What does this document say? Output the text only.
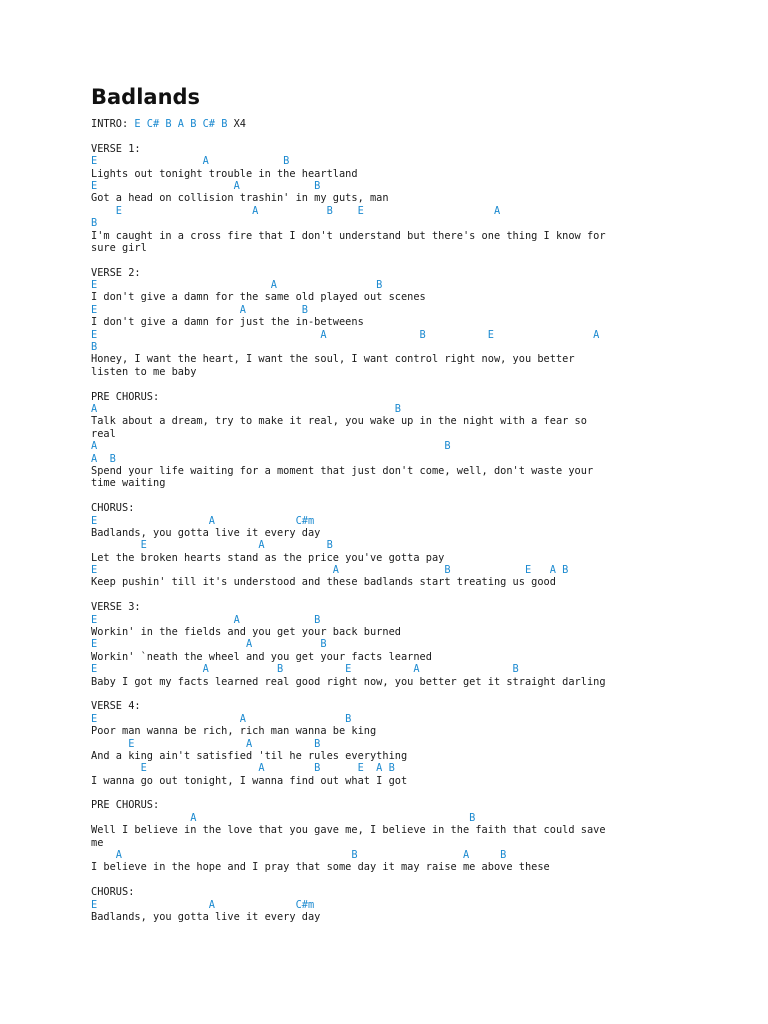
Badlands
INTRO: E C# B A B C# B X4
VERSE 1:
E                 A            B
Lights out tonight trouble in the heartland
E                      A            B
Got a head on collision trashin' in my guts, man
E                     A           B    E                     A
B
I'm caught in a cross fire that I don't understand but there's one thing I know for
sure girl
VERSE 2:
E                            A                B
I don't give a damn for the same old played out scenes
E                       A         B
I don't give a damn for just the in-betweens
E                                    A               B          E                A
B
Honey, I want the heart, I want the soul, I want control right now, you better
listen to me baby
PRE CHORUS:
A                                                B
Talk about a dream, try to make it real, you wake up in the night with a fear so
real
A                                                        B
A  B
Spend your life waiting for a moment that just don't come, well, don't waste your
time waiting
CHORUS:
E                  A             C#m
Badlands, you gotta live it every day
E                  A          B
Let the broken hearts stand as the price you've gotta pay
E                                      A                 B            E   A B
Keep pushin' till it's understood and these badlands start treating us good
VERSE 3:
E                      A            B
Workin' in the fields and you get your back burned
E                        A           B
Workin' `neath the wheel and you get your facts learned
E                 A           B          E          A               B
Baby I got my facts learned real good right now, you better get it straight darling
VERSE 4:
E                       A                B
Poor man wanna be rich, rich man wanna be king
E                  A          B
And a king ain't satisfied 'til he rules everything
E                  A        B      E  A B
I wanna go out tonight, I wanna find out what I got
PRE CHORUS:
A                                            B
Well I believe in the love that you gave me, I believe in the faith that could save
me
A                                     B                 A     B
I believe in the hope and I pray that some day it may raise me above these
CHORUS:
E                  A             C#m
Badlands, you gotta live it every day
